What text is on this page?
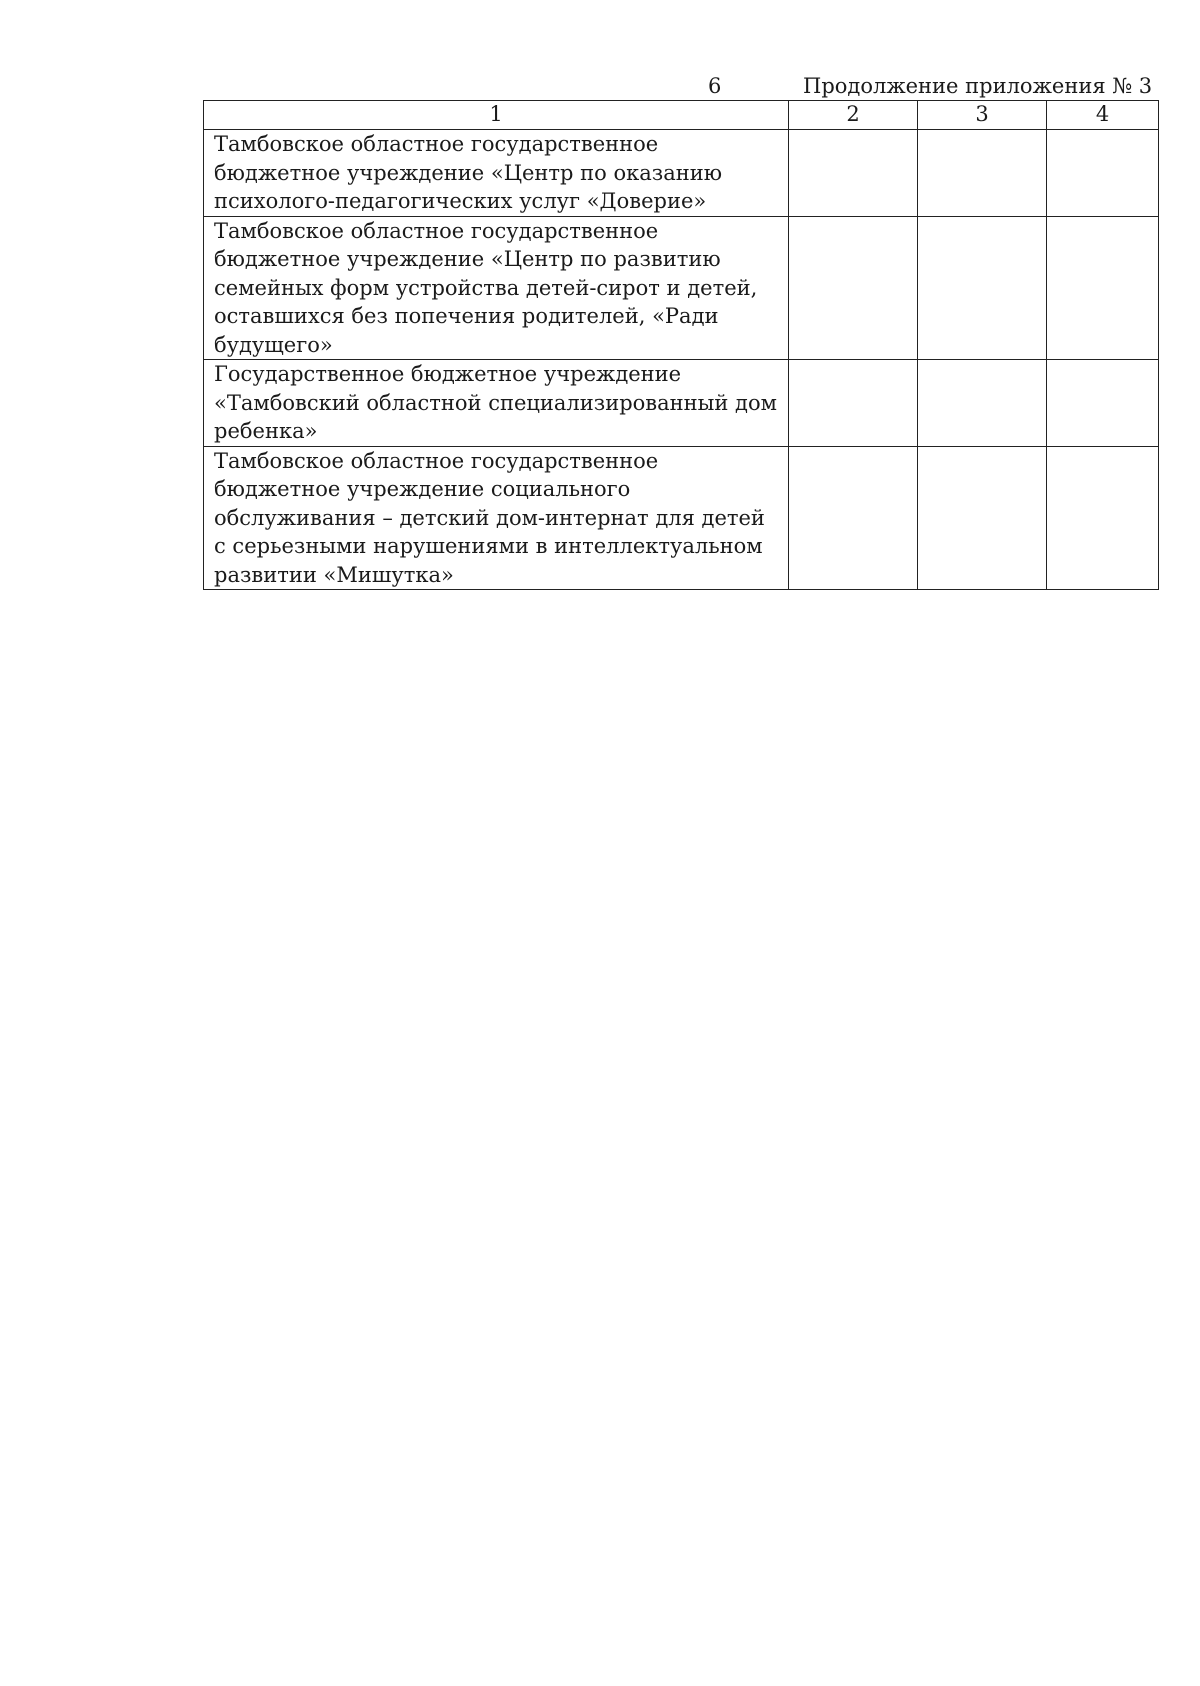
6	Продолжение приложения № 3
1	2	3	4
Тамбовское областное государственное бюджетное учреждение «Центр по оказанию психолого-педагогических услуг «Доверие»			
Тамбовское областное государственное бюджетное учреждение «Центр по развитию семейных форм устройства детей-сирот и детей, оставшихся без попечения родителей, «Ради будущего»			
Государственное бюджетное учреждение «Тамбовский областной специализированный дом ребенка»			
Тамбовское областное государственное бюджетное учреждение социального обслуживания – детский дом-интернат для детей с серьезными нарушениями в интеллектуальном развитии «Мишутка»			
